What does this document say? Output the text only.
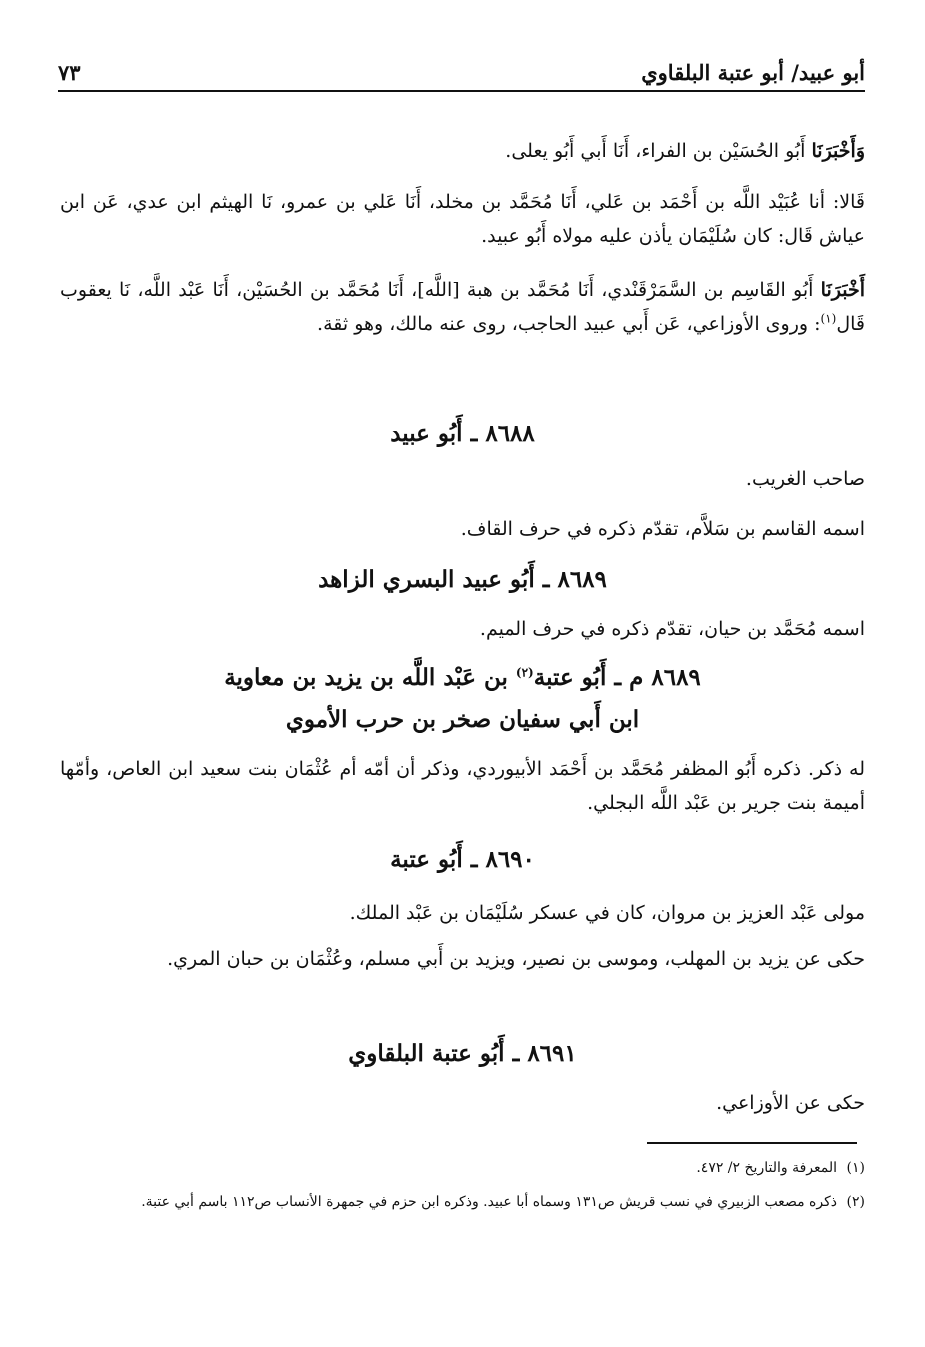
أبو عبيد/ أبو عتبة البلقاوي
٧٣

وَأَخْبَرَنَا أَبُو الحُسَيْن بن الفراء، أَنَا أَبي أَبُو يعلى.

قَالا: أنا عُبَيْد اللَّه بن أَحْمَد بن عَلي، أَنَا مُحَمَّد بن مخلد، أَنَا عَلي بن عمرو، نَا الهيثم ابن عدي، عَن ابن عياش قَال: كان سُلَيْمَان يأذن عليه مولاه أَبُو عبيد.

أَخْبَرَنَا أَبُو القَاسِم بن السَّمَرْقَنْدي، أَنَا مُحَمَّد بن هبة [اللَّه]، أَنَا مُحَمَّد بن الحُسَيْن، أَنَا عَبْد اللَّه، نَا يعقوب قَال$^{(١)}$: وروى الأوزاعي، عَن أَبي عبيد الحاجب، روى عنه مالك، وهو ثقة.

٨٦٨٨ ـ أَبُو عبيد

صاحب الغريب.

اسمه القاسم بن سَلاَّم، تقدّم ذكره في حرف القاف.

٨٦٨٩ ـ أَبُو عبيد البسري الزاهد

اسمه مُحَمَّد بن حيان، تقدّم ذكره في حرف الميم.

٨٦٨٩ م ـ أَبُو عتبة$^{(٢)}$ بن عَبْد اللَّه بن يزيد بن معاوية
ابن أَبي سفيان صخر بن حرب الأموي

له ذكر. ذكره أَبُو المظفر مُحَمَّد بن أَحْمَد الأبيوردي، وذكر أن أمّه أم عُثْمَان بنت سعيد ابن العاص، وأمّها أميمة بنت جرير بن عَبْد اللَّه البجلي.

٨٦٩٠ ـ أَبُو عتبة

مولى عَبْد العزيز بن مروان، كان في عسكر سُلَيْمَان بن عَبْد الملك.

حكى عن يزيد بن المهلب، وموسى بن نصير، ويزيد بن أَبي مسلم، وعُثْمَان بن حبان المري.

٨٦٩١ ـ أَبُو عتبة البلقاوي

حكى عن الأوزاعي.

(١)المعرفة والتاريخ ٢/ ٤٧٢.

(٢)ذكره مصعب الزبيري في نسب قريش ص١٣١ وسماه أبا عبيد. وذكره ابن حزم في جمهرة الأنساب ص١١٢ باسم أبي عتبة.
